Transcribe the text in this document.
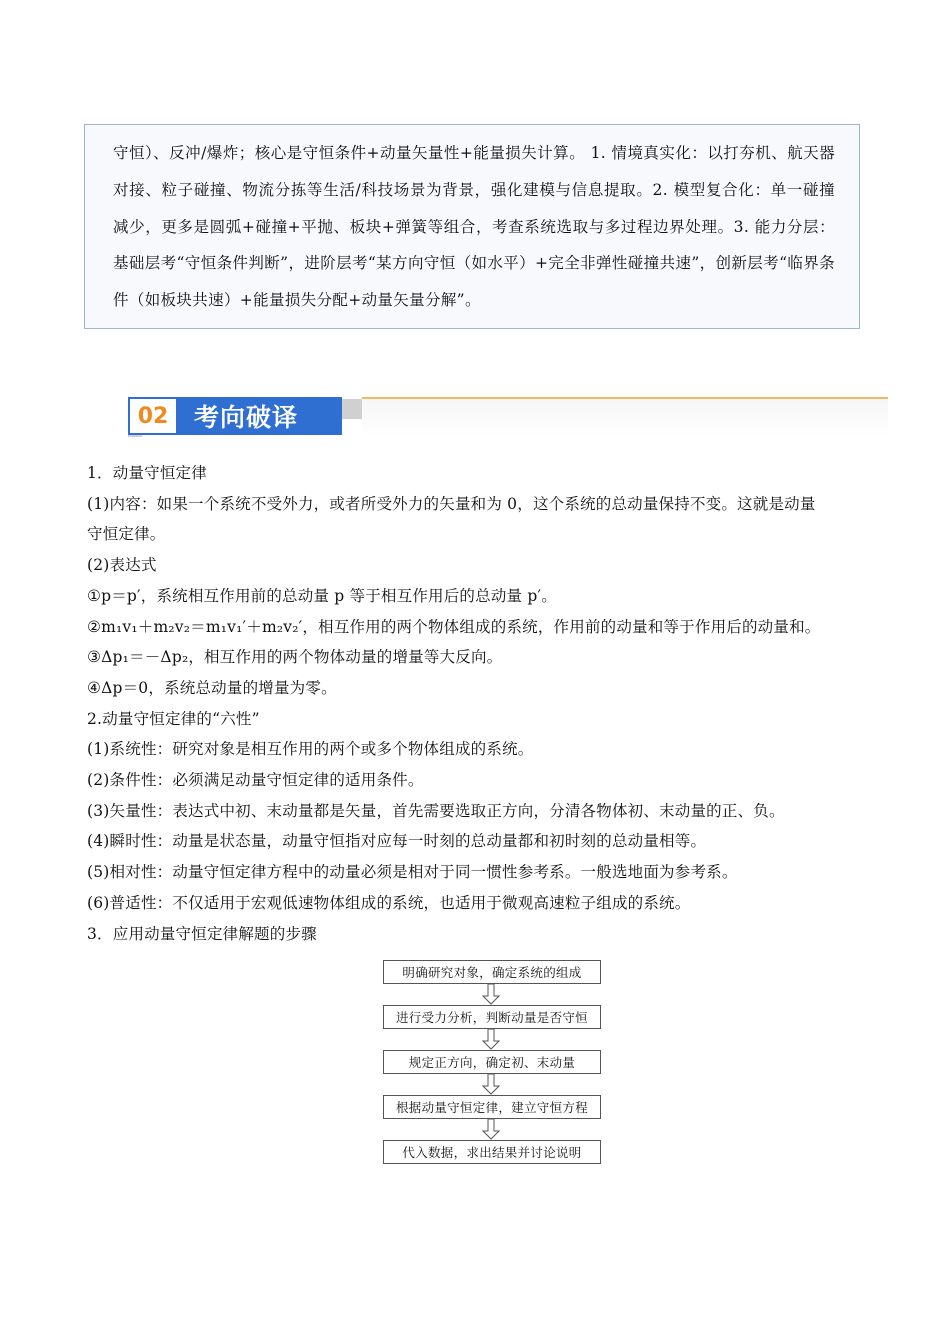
守恒）、反冲/爆炸；核心是守恒条件+动量矢量性+能量损失计算。 1. 情境真实化：以打夯机、航天器对接、粒子碰撞、物流分拣等生活/科技场景为背景，强化建模与信息提取。2. 模型复合化：单一碰撞减少，更多是圆弧+碰撞+平抛、板块+弹簧等组合，考查系统选取与多过程边界处理。3. 能力分层：基础层考“守恒条件判断”，进阶层考“某方向守恒（如水平）+完全非弹性碰撞共速”，创新层考“临界条件（如板块共速）+能量损失分配+动量矢量分解”。

02	考向破译

1．动量守恒定律

(1)内容：如果一个系统不受外力，或者所受外力的矢量和为 0，这个系统的总动量保持不变。这就是动量

守恒定律。

(2)表达式

①p＝p′，系统相互作用前的总动量 p 等于相互作用后的总动量 p′。

②m₁v₁＋m₂v₂＝m₁v₁′＋m₂v₂′，相互作用的两个物体组成的系统，作用前的动量和等于作用后的动量和。

③Δp₁＝－Δp₂，相互作用的两个物体动量的增量等大反向。

④Δp＝0，系统总动量的增量为零。

2.动量守恒定律的“六性”

(1)系统性：研究对象是相互作用的两个或多个物体组成的系统。

(2)条件性：必须满足动量守恒定律的适用条件。

(3)矢量性：表达式中初、末动量都是矢量，首先需要选取正方向，分清各物体初、末动量的正、负。

(4)瞬时性：动量是状态量，动量守恒指对应每一时刻的总动量都和初时刻的总动量相等。

(5)相对性：动量守恒定律方程中的动量必须是相对于同一惯性参考系。一般选地面为参考系。

(6)普适性：不仅适用于宏观低速物体组成的系统，也适用于微观高速粒子组成的系统。

3．应用动量守恒定律解题的步骤

明确研究对象，确定系统的组成
进行受力分析，判断动量是否守恒
规定正方向，确定初、末动量
根据动量守恒定律，建立守恒方程
代入数据，求出结果并讨论说明
